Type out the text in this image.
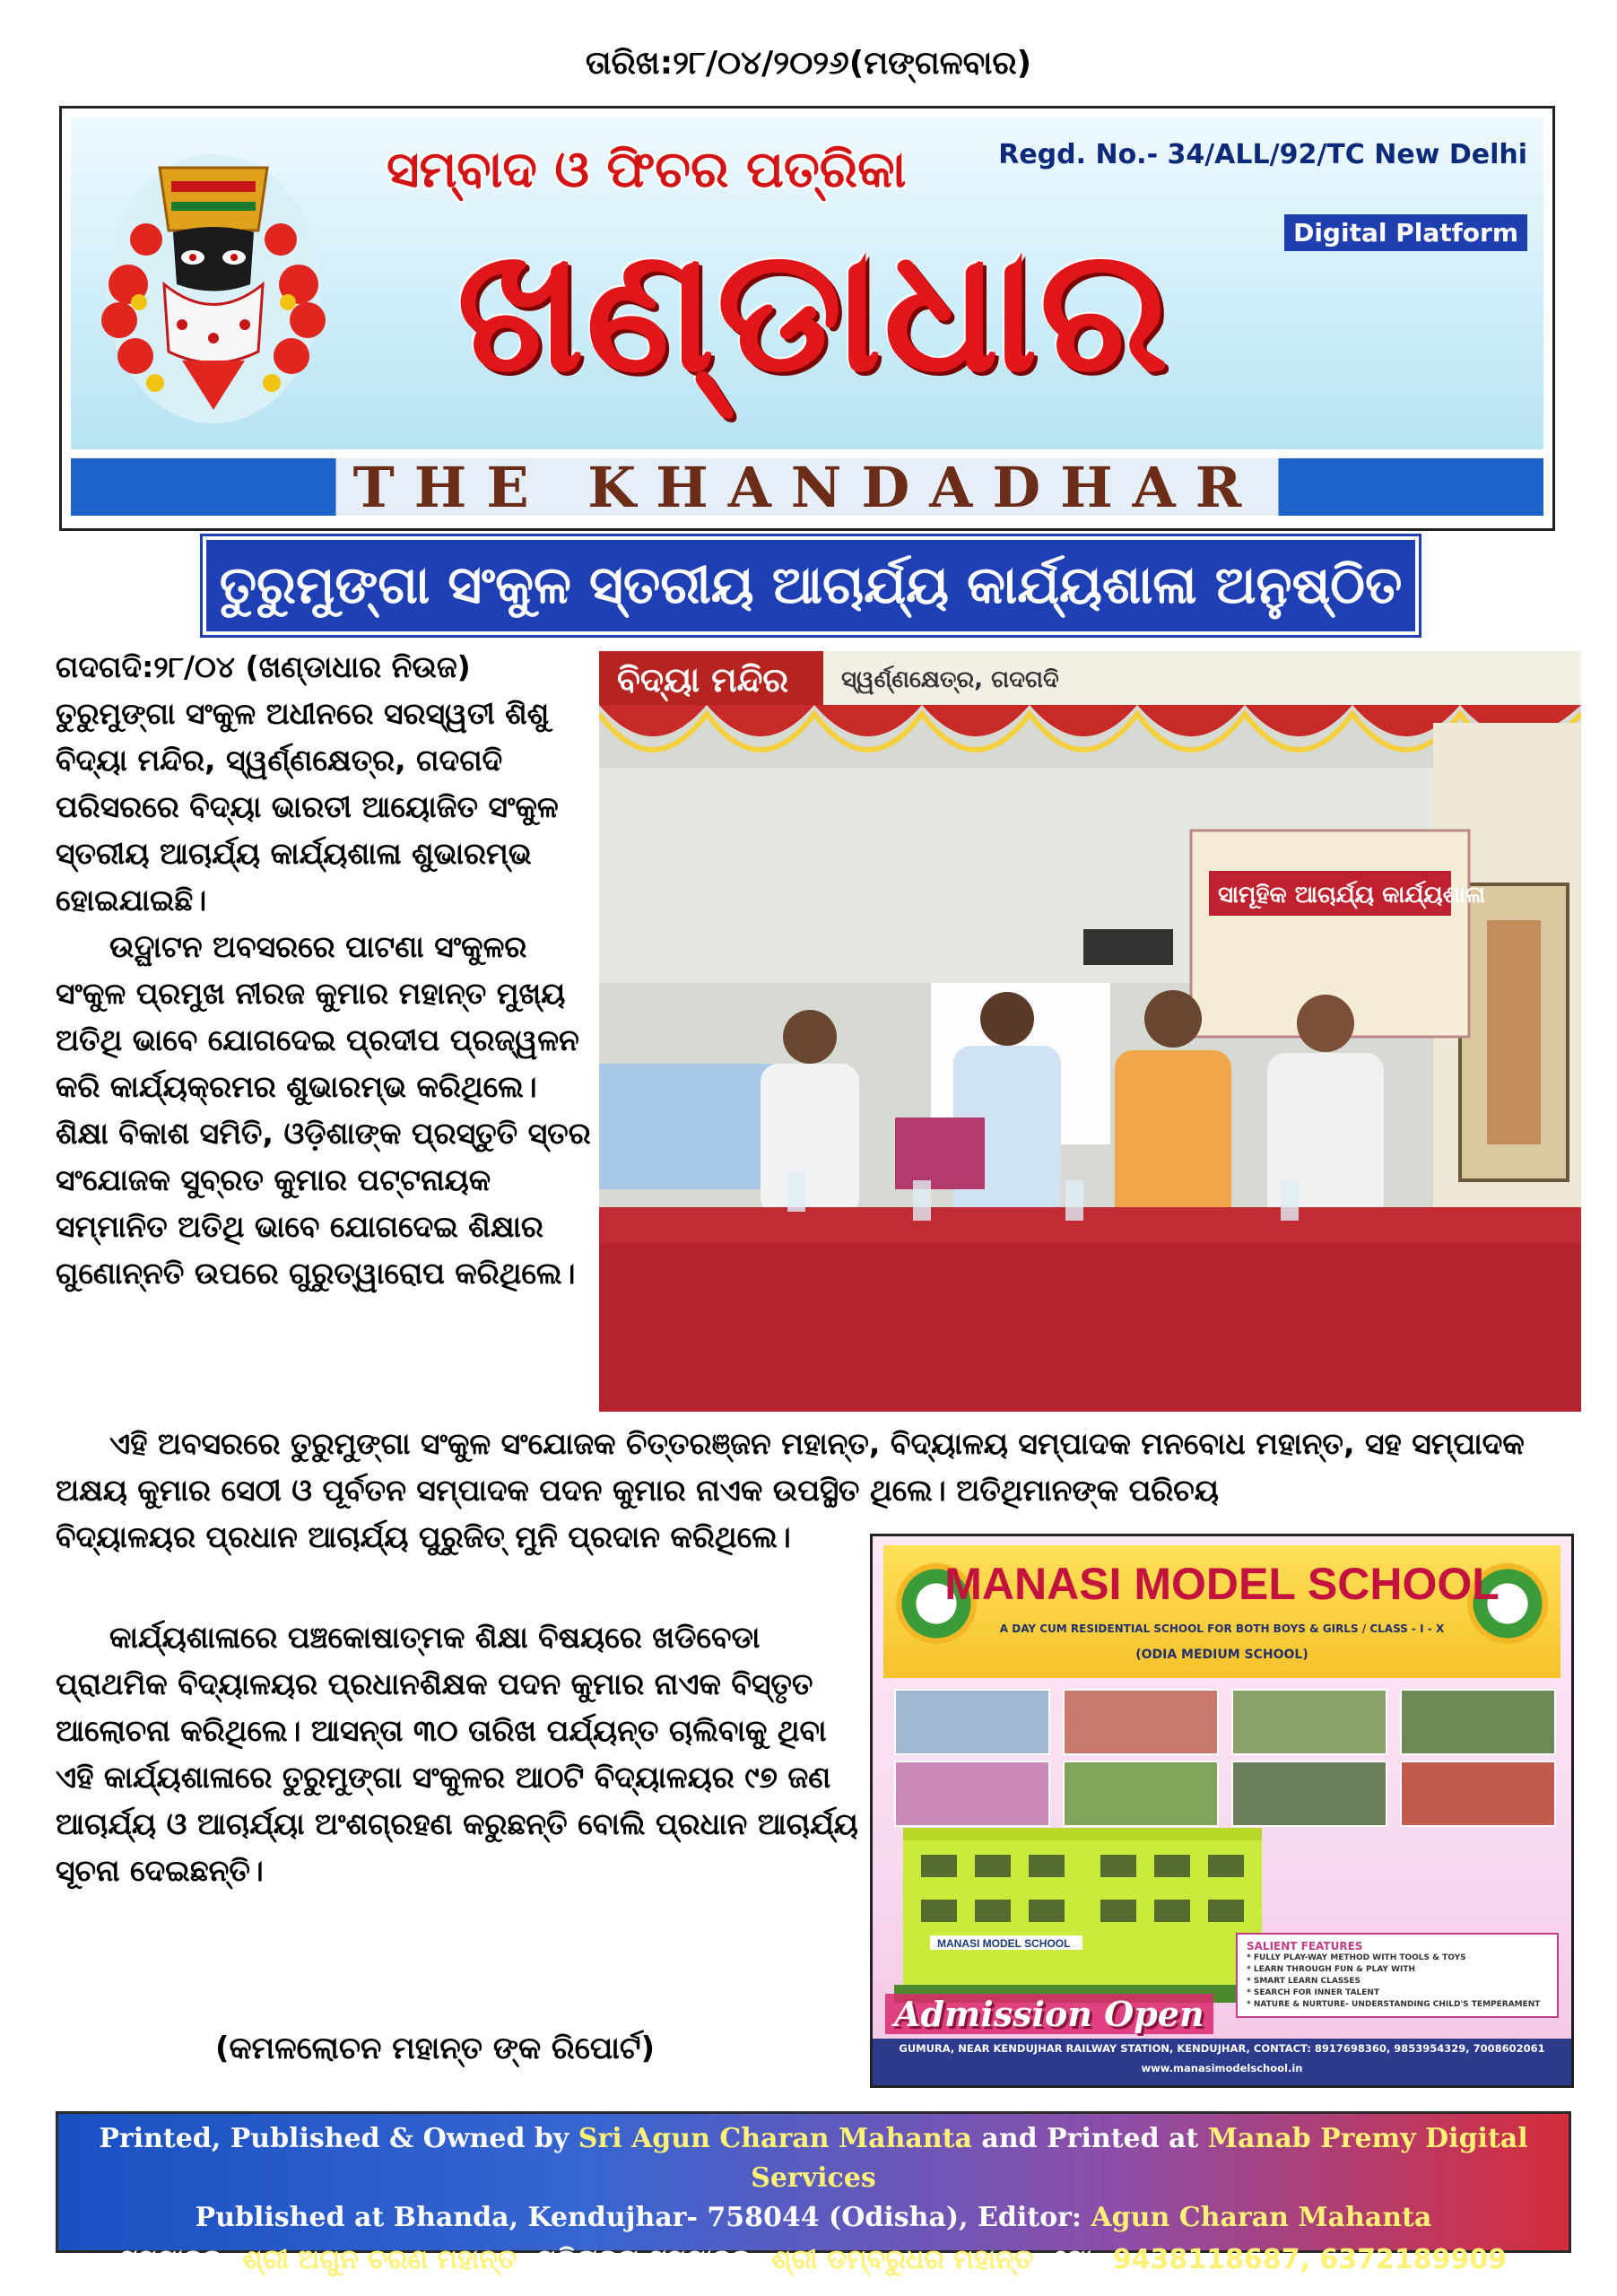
ତାରିଖ:୨୮/୦୪/୨୦୨୬(ମଙ୍ଗଳବାର)
ସମ୍ବାଦ ଓ ଫିଚର ପତ୍ରିକା
ଖଣ୍ଡାଧାର
Regd. No.- 34/ALL/92/TC New Delhi
Digital Platform
THE KHANDADHAR
ତୁରୁମୁଙ୍ଗା ସଂକୁଳ ସ୍ତରୀୟ ଆଚାର୍ଯ୍ୟ କାର୍ଯ୍ୟଶାଳା ଅନୁଷ୍ଠିତ

ଗଦଗଦି:୨୮/୦୪ (ଖଣ୍ଡାଧାର ନିଉଜ) ତୁରୁମୁଙ୍ଗା ସଂକୁଳ ଅଧୀନରେ ସରସ୍ୱତୀ ଶିଶୁ ବିଦ୍ୟା ମନ୍ଦିର, ସ୍ୱର୍ଣ୍ଣକ୍ଷେତ୍ର, ଗଦଗଦି ପରିସରରେ ବିଦ୍ୟା ଭାରତୀ ଆୟୋଜିତ ସଂକୁଳ ସ୍ତରୀୟ ଆଚାର୍ଯ୍ୟ କାର୍ଯ୍ୟଶାଳା ଶୁଭାରମ୍ଭ ହୋଇଯାଇଛି।

ଉଦ୍ଘାଟନ ଅବସରରେ ପାଟଣା ସଂକୁଳର ସଂକୁଳ ପ୍ରମୁଖ ନୀରଜ କୁମାର ମହାନ୍ତ ମୁଖ୍ୟ ଅତିଥି ଭାବେ ଯୋଗଦେଇ ପ୍ରଦୀପ ପ୍ରଜ୍ୱଳନ କରି କାର୍ଯ୍ୟକ୍ରମର ଶୁଭାରମ୍ଭ କରିଥିଲେ। ଶିକ୍ଷା ବିକାଶ ସମିତି, ଓଡ଼ିଶାଙ୍କ ପ୍ରସ୍ତୁତି ସ୍ତର ସଂଯୋଜକ ସୁବ୍ରତ କୁମାର ପଟ୍ଟନାୟକ ସମ୍ମାନିତ ଅତିଥି ଭାବେ ଯୋଗଦେଇ ଶିକ୍ଷାର ଗୁଣୋନ୍ନତି ଉପରେ ଗୁରୁତ୍ୱାରୋପ କରିଥିଲେ।

ବିଦ୍ୟା ମନ୍ଦିର ସ୍ୱର୍ଣ୍ଣକ୍ଷେତ୍ର, ଗଦଗଦି
ସାମୂହିକ ଆଚାର୍ଯ୍ୟ କାର୍ଯ୍ୟଶାଳା

ଏହି ଅବସରରେ ତୁରୁମୁଙ୍ଗା ସଂକୁଳ ସଂଯୋଜକ ଚିତ୍ତରଞ୍ଜନ ମହାନ୍ତ, ବିଦ୍ୟାଳୟ ସମ୍ପାଦକ ମନବୋଧ ମହାନ୍ତ, ସହ ସମ୍ପାଦକ ଅକ୍ଷୟ କୁମାର ସେଠୀ ଓ ପୂର୍ବତନ ସମ୍ପାଦକ ପଦନ କୁମାର ନାଏକ ଉପସ୍ଥିତ ଥିଲେ। ଅତିଥିମାନଙ୍କ ପରିଚୟ

ବିଦ୍ୟାଳୟର ପ୍ରଧାନ ଆଚାର୍ଯ୍ୟ ପୁରୁଜିତ୍ ମୁନି ପ୍ରଦାନ କରିଥିଲେ।

କାର୍ଯ୍ୟଶାଳାରେ ପଞ୍ଚକୋଷାତ୍ମକ ଶିକ୍ଷା ବିଷୟରେ ଖଡିବେଡା ପ୍ରାଥମିକ ବିଦ୍ୟାଳୟର ପ୍ରଧାନଶିକ୍ଷକ ପଦନ କୁମାର ନାଏକ ବିସ୍ତୃତ ଆଲୋଚନା କରିଥିଲେ। ଆସନ୍ତା ୩୦ ତାରିଖ ପର୍ଯ୍ୟନ୍ତ ଚାଲିବାକୁ ଥିବା ଏହି କାର୍ଯ୍ୟଶାଳାରେ ତୁରୁମୁଙ୍ଗା ସଂକୁଳର ଆଠଟି ବିଦ୍ୟାଳୟର ୯୭ ଜଣ ଆଚାର୍ଯ୍ୟ ଓ ଆଚାର୍ଯ୍ୟା ଅଂଶଗ୍ରହଣ କରୁଛନ୍ତି ବୋଲି ପ୍ରଧାନ ଆଚାର୍ଯ୍ୟ ସୂଚନା ଦେଇଛନ୍ତି।

(କମଳଲୋଚନ ମହାନ୍ତ ଙ୍କ ରିପୋର୍ଟ)
MANASI MODEL SCHOOL
A DAY CUM RESIDENTIAL SCHOOL FOR BOTH BOYS & GIRLS / CLASS - I - X
(ODIA MEDIUM SCHOOL)
MANASI MODEL SCHOOL
Admission Open
SALIENT FEATURES
* FULLY PLAY-WAY METHOD WITH TOOLS & TOYS
* LEARN THROUGH FUN & PLAY WITH
* SMART LEARN CLASSES
* SEARCH FOR INNER TALENT
* NATURE & NURTURE- UNDERSTANDING CHILD'S TEMPERAMENT
GUMURA, NEAR KENDUJHAR RAILWAY STATION, KENDUJHAR, CONTACT: 8917698360, 9853954329, 7008602061
www.manasimodelschool.in
Printed, Published & Owned by Sri Agun Charan Mahanta and Printed at Manab Premy Digital Services
Published at Bhanda, Kendujhar- 758044 (Odisha), Editor: Agun Charan Mahanta
ସମ୍ପାଦକ: ଶ୍ରୀ ଅଗୁନ ଚରଣ ମହାନ୍ତ, ପରିଚାଳନା ସମ୍ପାଦକ: ଶ୍ରୀ ଡମ୍ବରୁଧର ମହାନ୍ତ, ମୋ: 9438118687, 6372189909
